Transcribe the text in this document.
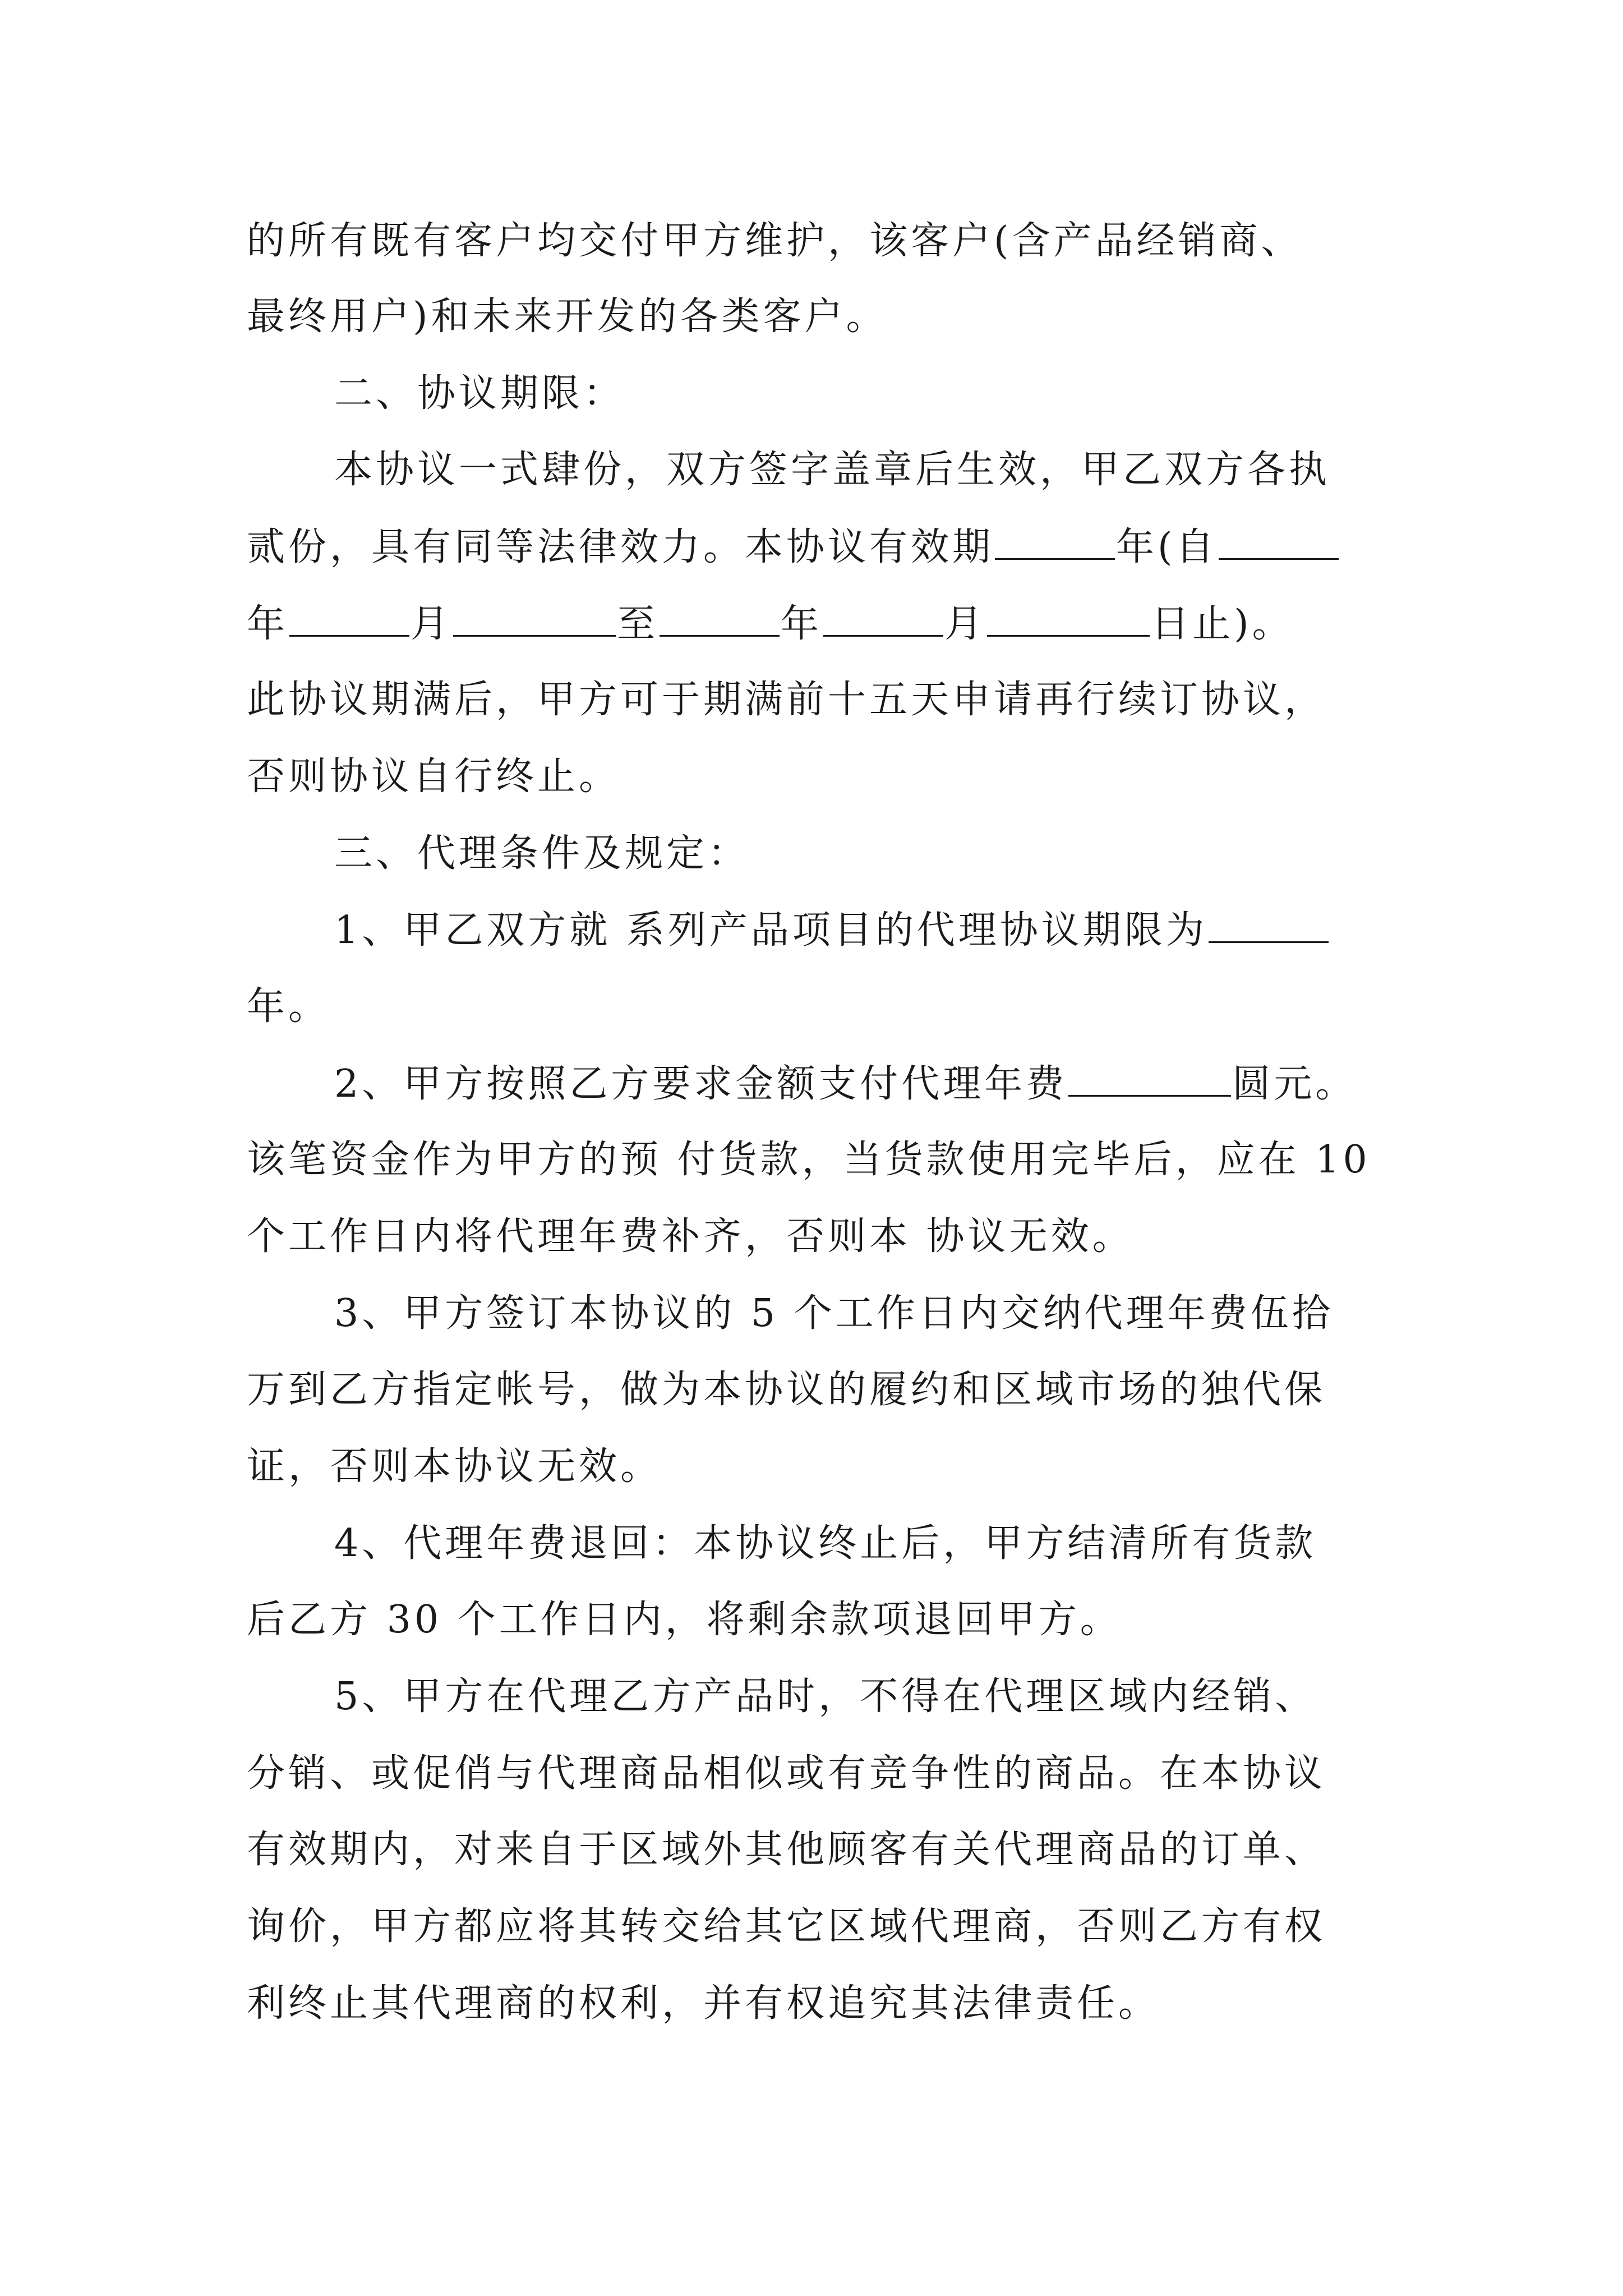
的所有既有客户均交付甲方维护，该客户(含产品经销商、
最终用户)和未来开发的各类客户。
二、协议期限：
本协议一式肆份，双方签字盖章后生效，甲乙双方各执
贰份，具有同等法律效力。本协议有效期	年(自
年	月	至	年	月	日止)。
此协议期满后，甲方可于期满前十五天申请再行续订协议，
否则协议自行终止。
三、代理条件及规定：
1、甲乙双方就 系列产品项目的代理协议期限为
年。
2、甲方按照乙方要求金额支付代理年费	圆元。
该笔资金作为甲方的预 付货款，当货款使用完毕后，应在 10
个工作日内将代理年费补齐，否则本 协议无效。
3、甲方签订本协议的 5 个工作日内交纳代理年费伍拾
万到乙方指定帐号，做为本协议的履约和区域市场的独代保
证，否则本协议无效。
4、代理年费退回：本协议终止后，甲方结清所有货款
后乙方 30 个工作日内，将剩余款项退回甲方。
5、甲方在代理乙方产品时，不得在代理区域内经销、
分销、或促俏与代理商品相似或有竞争性的商品。在本协议
有效期内，对来自于区域外其他顾客有关代理商品的订单、
询价，甲方都应将其转交给其它区域代理商，否则乙方有权
利终止其代理商的权利，并有权追究其法律责任。
